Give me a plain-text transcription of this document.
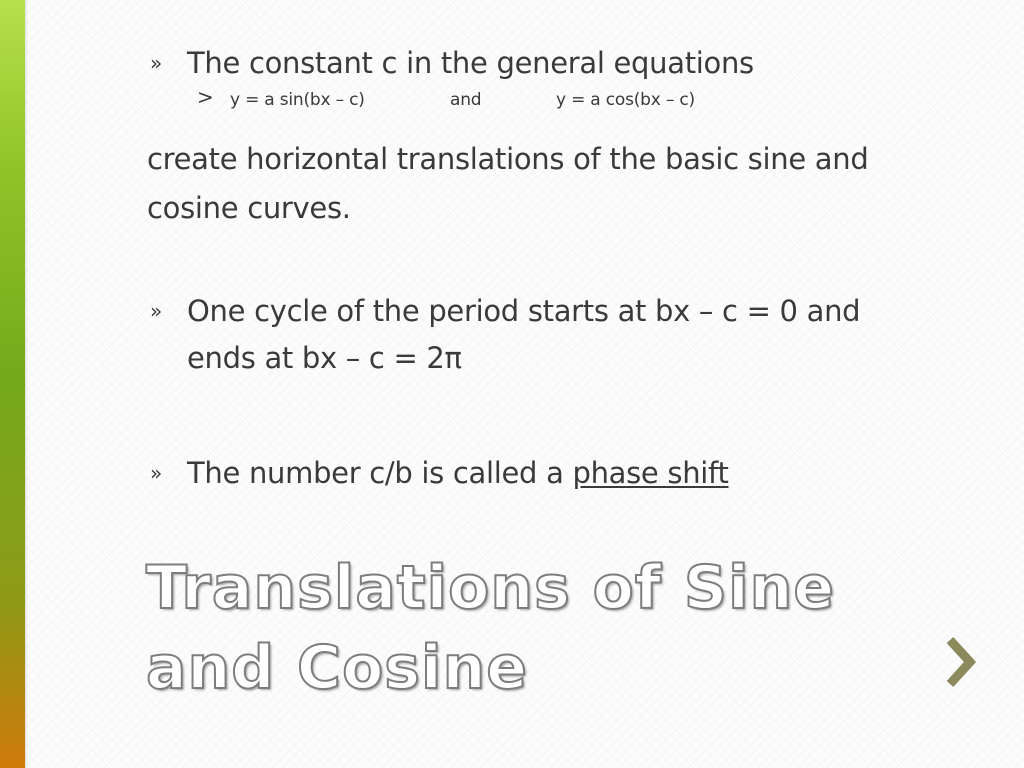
» The constant c in the general equations
> y = a sin(bx – c)	and	y = a cos(bx – c)
create horizontal translations of the basic sine and
cosine curves.
» One cycle of the period starts at bx – c = 0 and
ends at bx – c = 2π
» The number c/b is called a phase shift
Translations of Sine
and Cosine
